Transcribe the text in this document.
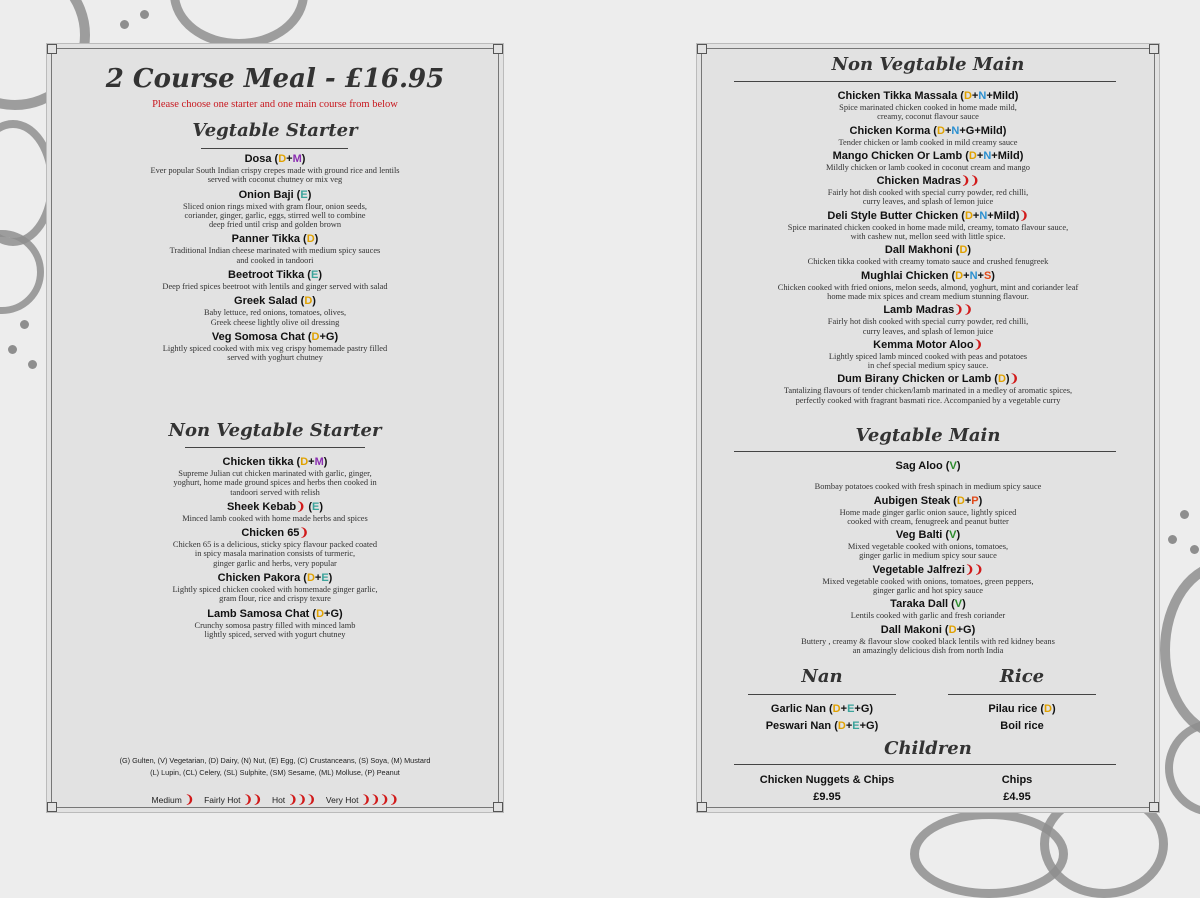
2 Course Meal - £16.95
Please choose one starter and one main course from below
Vegtable Starter
Dosa (D+M)
Ever popular South Indian crispy crepes made with ground rice and lentils
served with coconut chutney or mix veg
Onion Baji (E)
Sliced onion rings mixed with gram flour, onion seeds,
coriander, ginger, garlic, eggs, stirred well to combine
deep fried until crisp and golden brown
Panner Tikka (D)
Traditional Indian cheese marinated with medium spicy sauces
and cooked in tandoori
Beetroot Tikka (E)
Deep fried spices beetroot with lentils and ginger served with salad
Greek Salad (D)
Baby lettuce, red onions, tomatoes, olives,
Greek cheese lightly olive oil dressing
Veg Somosa Chat (D+G)
Lightly spiced cooked with mix veg crispy homemade pastry filled
served with yoghurt chutney
Non Vegtable Starter
Chicken tikka (D+M)
Supreme Julian cut chicken marinated with garlic, ginger,
yoghurt, home made ground spices and herbs then cooked in
tandoori served with relish
Sheek Kebab❩ (E)
Minced lamb cooked with home made herbs and spices
Chicken 65❩
Chicken 65 is a delicious, sticky spicy flavour packed coated
in spicy masala marination consists of turmeric,
ginger garlic and herbs, very popular
Chicken Pakora (D+E)
Lightly spiced chicken cooked with homemade ginger garlic,
gram flour, rice and crispy texure
Lamb Samosa Chat (D+G)
Crunchy somosa pastry filled with minced lamb
lightly spiced, served with yogurt chutney
(G) Gulten, (V) Vegetarian, (D) Dairy, (N) Nut, (E) Egg, (C) Crustanceans, (S) Soya, (M) Mustard
(L) Lupin, (CL) Celery, (SL) Sulphite, (SM) Sesame, (ML) Molluse, (P) Peanut
Medium ❩ Fairly Hot ❩❩ Hot ❩❩❩ Very Hot ❩❩❩❩
Non Vegtable Main
Chicken Tikka Massala (D+N+Mild)
Spice marinated chicken cooked in home made mild,
creamy, coconut flavour sauce
Chicken Korma (D+N+G+Mild)
Tender chicken or lamb cooked in mild creamy sauce
Mango Chicken Or Lamb (D+N+Mild)
Mildly chicken or lamb cooked in coconut cream and mango
Chicken Madras❩❩
Fairly hot dish cooked with special curry powder, red chilli,
curry leaves, and splash of lemon juice
Deli Style Butter Chicken (D+N+Mild)❩
Spice marinated chicken cooked in home made mild, creamy, tomato flavour sauce,
with cashew nut, mellon seed with little spice.
Dall Makhoni (D)
Chicken tikka cooked with creamy tomato sauce and crushed fenugreek
Mughlai Chicken (D+N+S)
Chicken cooked with fried onions, melon seeds, almond, yoghurt, mint and coriander leaf
home made mix spices and cream medium stunning flavour.
Lamb Madras❩❩
Fairly hot dish cooked with special curry powder, red chilli,
curry leaves, and splash of lemon juice
Kemma Motor Aloo❩
Lightly spiced lamb minced cooked with peas and potatoes
in chef special medium spicy sauce.
Dum Birany Chicken or Lamb (D)❩
Tantalizing flavours of tender chicken/lamb marinated in a medley of aromatic spices,
perfectly cooked with fragrant basmati rice. Accompanied by a vegetable curry
Vegtable Main
Sag Aloo (V)

Bombay potatoes cooked with fresh spinach in medium spicy sauce
Aubigen Steak (D+P)
Home made ginger garlic onion sauce, lightly spiced
cooked with cream, fenugreek and peanut butter
Veg Balti (V)
Mixed vegetable cooked with onions, tomatoes,
ginger garlic in medium spicy sour sauce
Vegetable Jalfrezi❩❩
Mixed vegetable cooked with onions, tomatoes, green peppers,
ginger garlic and hot spicy sauce
Taraka Dall (V)
Lentils cooked with garlic and fresh coriander
Dall Makoni (D+G)
Buttery , creamy & flavour slow cooked black lentils with red kidney beans
an amazingly delicious dish from north India
Nan
Garlic Nan (D+E+G)
Peswari Nan (D+E+G)
Rice
Pilau rice (D)
Boil rice
Children
Chicken Nuggets & Chips
£9.95
Chips
£4.95
